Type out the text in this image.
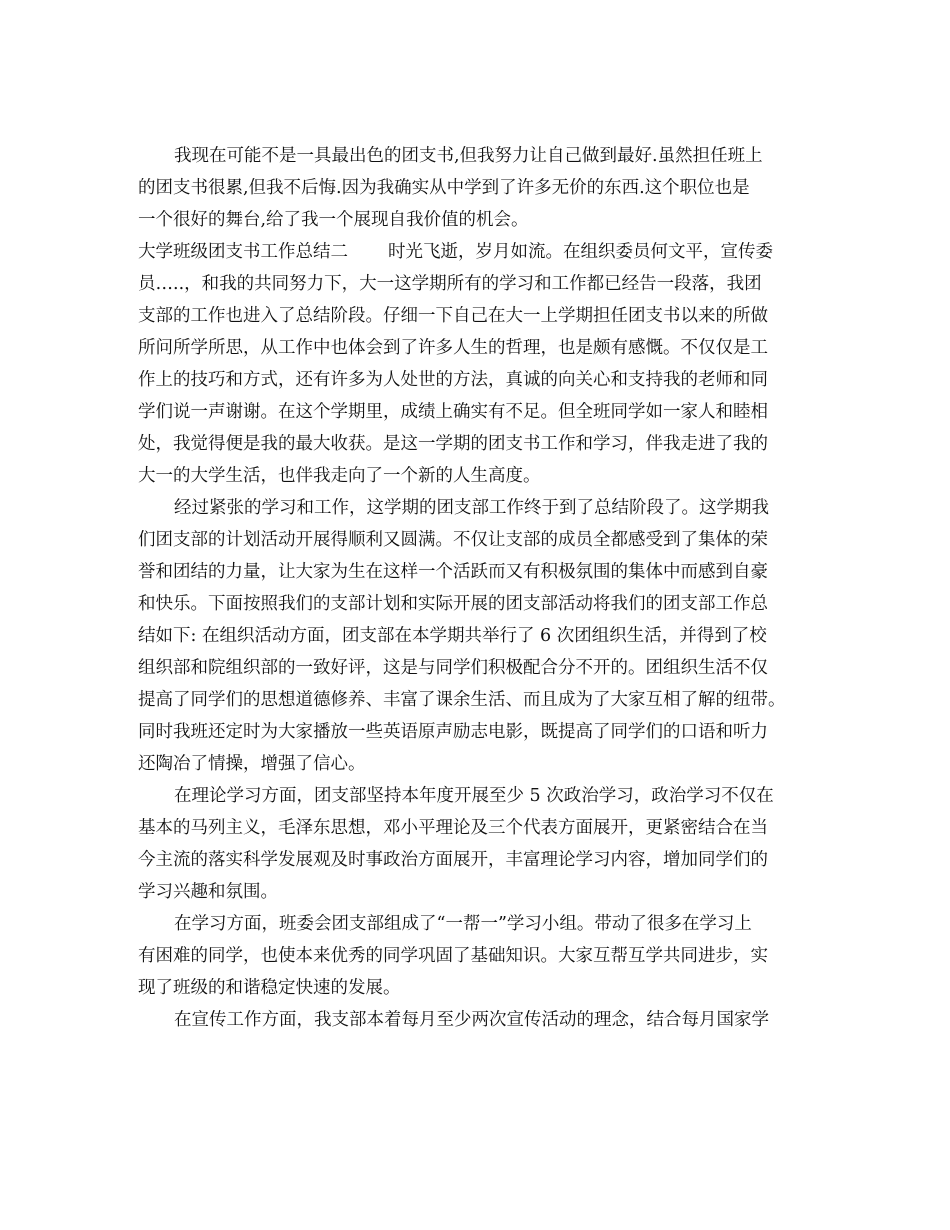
我现在可能不是一具最出色的团支书,但我努力让自己做到最好.虽然担任班上
的团支书很累,但我不后悔.因为我确实从中学到了许多无价的东西.这个职位也是
一个很好的舞台,给了我一个展现自我价值的机会。
大学班级团支书工作总结二 时光飞逝，岁月如流。在组织委员何文平，宣传委
员…..，和我的共同努力下，大一这学期所有的学习和工作都已经告一段落，我团
支部的工作也进入了总结阶段。仔细一下自己在大一上学期担任团支书以来的所做
所问所学所思，从工作中也体会到了许多人生的哲理，也是颇有感慨。不仅仅是工
作上的技巧和方式，还有许多为人处世的方法，真诚的向关心和支持我的老师和同
学们说一声谢谢。在这个学期里，成绩上确实有不足。但全班同学如一家人和睦相
处，我觉得便是我的最大收获。是这一学期的团支书工作和学习，伴我走进了我的
大一的大学生活，也伴我走向了一个新的人生高度。
经过紧张的学习和工作，这学期的团支部工作终于到了总结阶段了。这学期我
们团支部的计划活动开展得顺利又圆满。不仅让支部的成员全都感受到了集体的荣
誉和团结的力量，让大家为生在这样一个活跃而又有积极氛围的集体中而感到自豪
和快乐。下面按照我们的支部计划和实际开展的团支部活动将我们的团支部工作总
结如下: 在组织活动方面，团支部在本学期共举行了 6 次团组织生活，并得到了校
组织部和院组织部的一致好评，这是与同学们积极配合分不开的。团组织生活不仅
提高了同学们的思想道德修养、丰富了课余生活、而且成为了大家互相了解的纽带。
同时我班还定时为大家播放一些英语原声励志电影，既提高了同学们的口语和听力
还陶冶了情操，增强了信心。
在理论学习方面，团支部坚持本年度开展至少 5 次政治学习，政治学习不仅在
基本的马列主义，毛泽东思想，邓小平理论及三个代表方面展开，更紧密结合在当
今主流的落实科学发展观及时事政治方面展开，丰富理论学习内容，增加同学们的
学习兴趣和氛围。
在学习方面，班委会团支部组成了“一帮一”学习小组。带动了很多在学习上
有困难的同学，也使本来优秀的同学巩固了基础知识。大家互帮互学共同进步，实
现了班级的和谐稳定快速的发展。
在宣传工作方面，我支部本着每月至少两次宣传活动的理念，结合每月国家学
